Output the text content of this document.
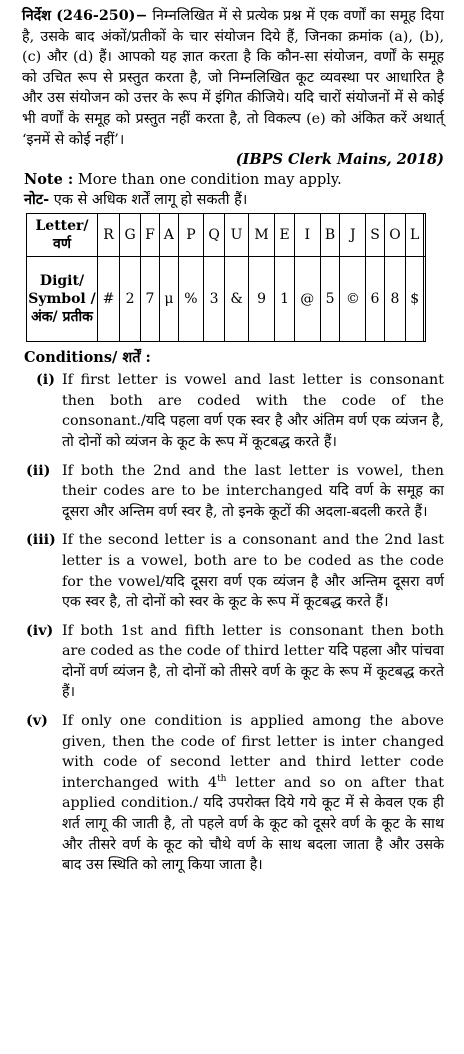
निर्देश (246-250)− निम्नलिखित में से प्रत्येक प्रश्न में एक वर्णों का समूह दिया है, उसके बाद अंकों/प्रतीकों के चार संयोजन दिये हैं, जिनका क्रमांक (a), (b), (c) और (d) हैं। आपको यह ज्ञात करता है कि कौन-सा संयोजन, वर्णों के समूह को उचित रूप से प्रस्तुत करता है, जो निम्नलिखित कूट व्यवस्था पर आधारित है और उस संयोजन को उत्तर के रूप में इंगित कीजिये। यदि चारों संयोजनों में से कोई भी वर्णों के समूह को प्रस्तुत नहीं करता है, तो विकल्प (e) को अंकित करें अथार्त् ‘इनमें से कोई नहीं’।

(IBPS Clerk Mains, 2018)

Note : More than one condition may apply.

नोट- एक से अधिक शर्तें लागू हो सकती हैं।

Letter/ वर्ण	R	G	F	A	P	Q	U	M	E	I	B	J	S	O	L	
Digit/ Symbol / अंक/ प्रतीक	#	2	7	μ	%	3	&	9	1	@	5	©	6	8	$	
Conditions/ शर्तें :
(i) If first letter is vowel and last letter is consonant then both are coded with the code of the consonant./यदि पहला वर्ण एक स्वर है और अंतिम वर्ण एक व्यंजन है, तो दोनों को व्यंजन के कूट के रूप में कूटबद्ध करते हैं।
(ii) If both the 2nd and the last letter is vowel, then their codes are to be interchanged यदि वर्ण के समूह का दूसरा और अन्तिम वर्ण स्वर है, तो इनके कूटों की अदला-बदली करते हैं।
(iii) If the second letter is a consonant and the 2nd last letter is a vowel, both are to be coded as the code for the vowel/यदि दूसरा वर्ण एक व्यंजन है और अन्तिम दूसरा वर्ण एक स्वर है, तो दोनों को स्वर के कूट के रूप में कूटबद्ध करते हैं।
(iv) If both 1st and fifth letter is consonant then both are coded as the code of third letter यदि पहला और पांचवा दोनों वर्ण व्यंजन है, तो दोनों को तीसरे वर्ण के कूट के रूप में कूटबद्ध करते हैं।
(v) If only one condition is applied among the above given, then the code of first letter is inter changed with code of second letter and third letter code interchanged with 4th letter and so on after that applied condition./ यदि उपरोक्त दिये गये कूट में से केवल एक ही शर्त लागू की जाती है, तो पहले वर्ण के कूट को दूसरे वर्ण के कूट के साथ और तीसरे वर्ण के कूट को चौथे वर्ण के साथ बदला जाता है और उसके बाद उस स्थिति को लागू किया जाता है।
